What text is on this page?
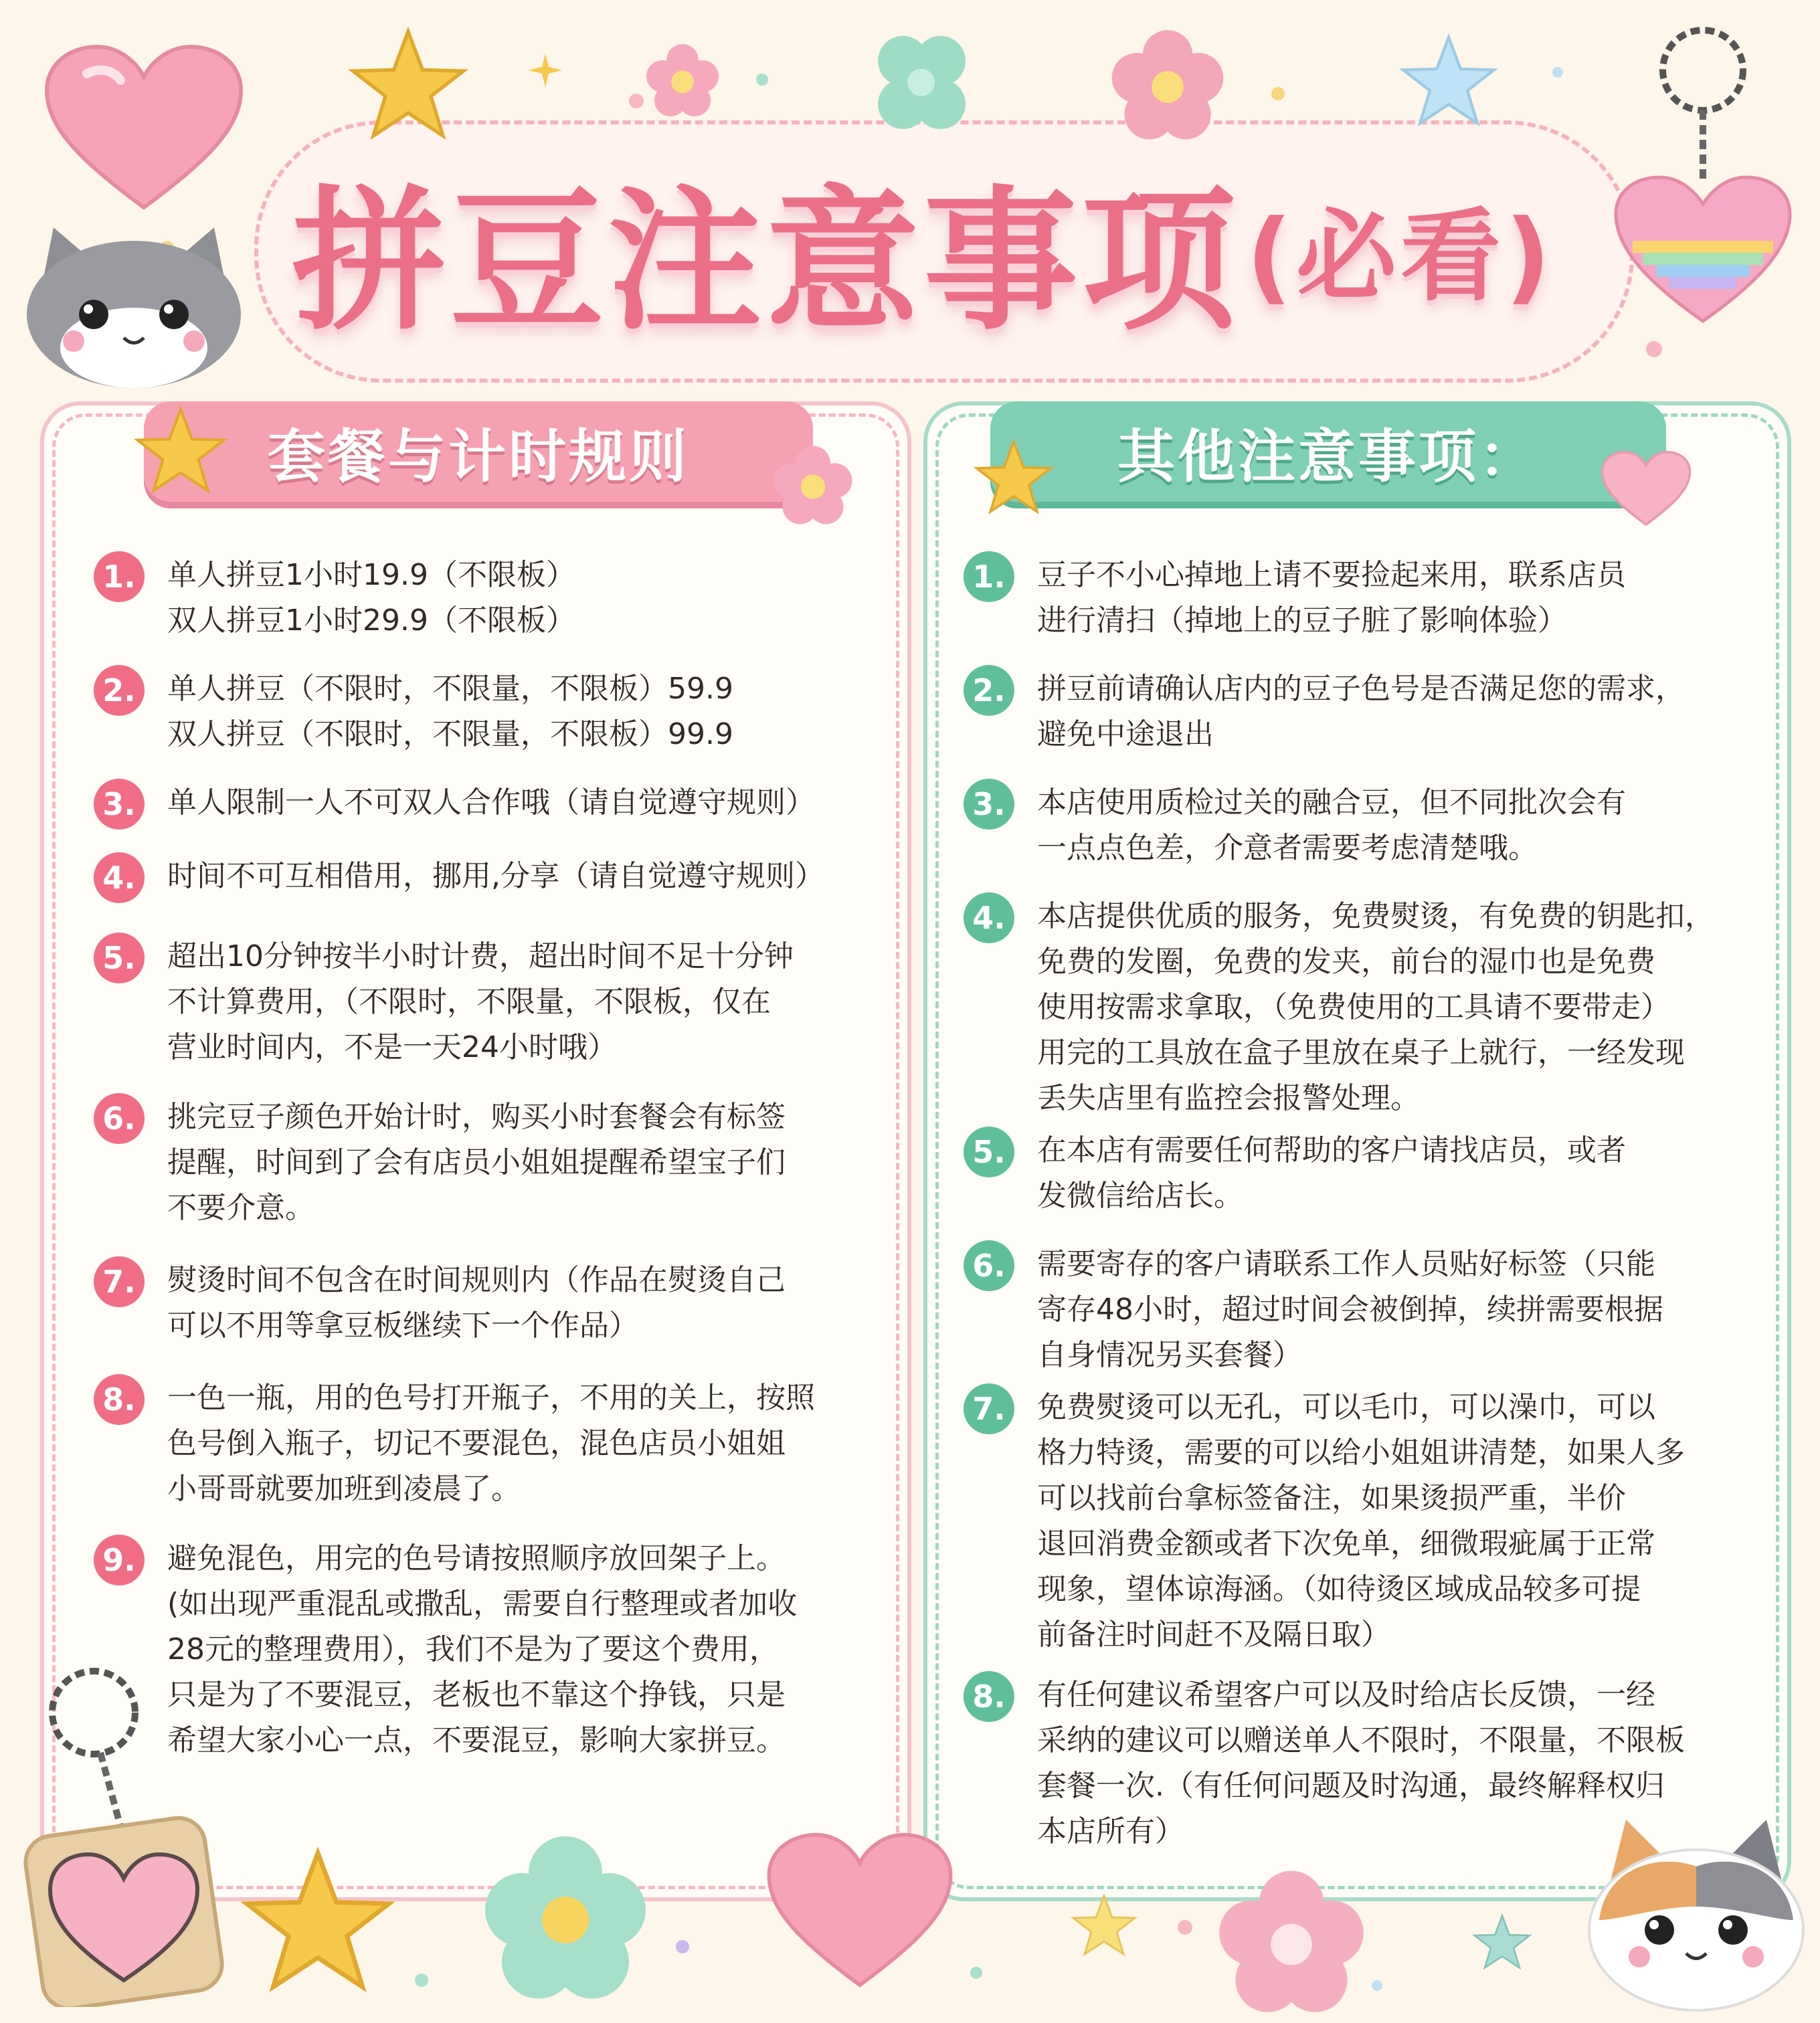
拼豆注意事项 (必看)
套餐与计时规则
1.	单人拼豆1小时19.9（不限板）
双人拼豆1小时29.9（不限板）
2.	单人拼豆（不限时，不限量，不限板）59.9
双人拼豆（不限时，不限量，不限板）99.9
3.	单人限制一人不可双人合作哦（请自觉遵守规则）
4.	时间不可互相借用，挪用,分享（请自觉遵守规则）
5.	超出10分钟按半小时计费，超出时间不足十分钟
不计算费用，（不限时，不限量，不限板，仅在
营业时间内，不是一天24小时哦）
6.	挑完豆子颜色开始计时，购买小时套餐会有标签
提醒，时间到了会有店员小姐姐提醒希望宝子们
不要介意。
7.	熨烫时间不包含在时间规则内（作品在熨烫自己
可以不用等拿豆板继续下一个作品）
8.	一色一瓶，用的色号打开瓶子，不用的关上，按照
色号倒入瓶子，切记不要混色，混色店员小姐姐
小哥哥就要加班到凌晨了。
9.	避免混色，用完的色号请按照顺序放回架子上。
(如出现严重混乱或撒乱，需要自行整理或者加收
28元的整理费用），我们不是为了要这个费用，
只是为了不要混豆，老板也不靠这个挣钱，只是
希望大家小心一点，不要混豆，影响大家拼豆。
其他注意事项：
1.	豆子不小心掉地上请不要捡起来用，联系店员
进行清扫（掉地上的豆子脏了影响体验）
2.	拼豆前请确认店内的豆子色号是否满足您的需求，
避免中途退出
3.	本店使用质检过关的融合豆，但不同批次会有
一点点色差，介意者需要考虑清楚哦。
4.	本店提供优质的服务，免费熨烫，有免费的钥匙扣，
免费的发圈，免费的发夹，前台的湿巾也是免费
使用按需求拿取，（免费使用的工具请不要带走）
用完的工具放在盒子里放在桌子上就行，一经发现
丢失店里有监控会报警处理。
5.	在本店有需要任何帮助的客户请找店员，或者
发微信给店长。
6.	需要寄存的客户请联系工作人员贴好标签（只能
寄存48小时，超过时间会被倒掉，续拼需要根据
自身情况另买套餐）
7.	免费熨烫可以无孔，可以毛巾，可以澡巾，可以
格力特烫，需要的可以给小姐姐讲清楚，如果人多
可以找前台拿标签备注，如果烫损严重，半价
退回消费金额或者下次免单，细微瑕疵属于正常
现象，望体谅海涵。（如待烫区域成品较多可提
前备注时间赶不及隔日取）
8.	有任何建议希望客户可以及时给店长反馈，一经
采纳的建议可以赠送单人不限时，不限量，不限板
套餐一次.（有任何问题及时沟通，最终解释权归
本店所有）
